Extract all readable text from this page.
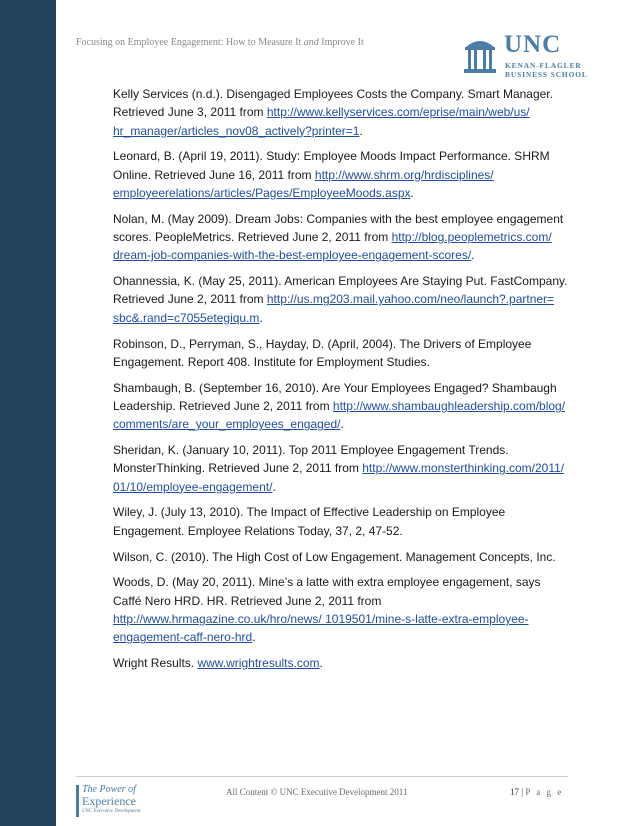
Focusing on Employee Engagement: How to Measure It and Improve It	UNC
KENAN-FLAGLER
BUSINESS SCHOOL
Kelly Services (n.d.). Disengaged Employees Costs the Company. Smart Manager. Retrieved June 3, 2011 from http://www.kellyservices.com/eprise/main/web/us/ hr_manager/articles_nov08_actively?printer=1.
Leonard, B. (April 19, 2011). Study: Employee Moods Impact Performance. SHRM Online. Retrieved June 16, 2011 from http://www.shrm.org/hrdisciplines/ employeerelations/articles/Pages/EmployeeMoods.aspx.
Nolan, M. (May 2009). Dream Jobs: Companies with the best employee engagement scores. PeopleMetrics. Retrieved June 2, 2011 from http://blog.peoplemetrics.com/ dream-job-companies-with-the-best-employee-engagement-scores/.
Ohannessia, K. (May 25, 2011). American Employees Are Staying Put. FastCompany. Retrieved June 2, 2011 from http://us.mg203.mail.yahoo.com/neo/launch?.partner= sbc&.rand=c7055etegiqu.m.
Robinson, D., Perryman, S., Hayday, D. (April, 2004). The Drivers of Employee Engagement. Report 408. Institute for Employment Studies.
Shambaugh, B. (September 16, 2010). Are Your Employees Engaged? Shambaugh Leadership. Retrieved June 2, 2011 from http://www.shambaughleadership.com/blog/ comments/are_your_employees_engaged/.
Sheridan, K. (January 10, 2011). Top 2011 Employee Engagement Trends. MonsterThinking. Retrieved June 2, 2011 from http://www.monsterthinking.com/2011/ 01/10/employee-engagement/.
Wiley, J. (July 13, 2010). The Impact of Effective Leadership on Employee Engagement. Employee Relations Today, 37, 2, 47-52.
Wilson, C. (2010). The High Cost of Low Engagement. Management Concepts, Inc.
Woods, D. (May 20, 2011). Mine’s a latte with extra employee engagement, says Caffé Nero HRD. HR. Retrieved June 2, 2011 from http://www.hrmagazine.co.uk/hro/news/ 1019501/mine-s-latte-extra-employee-engagement-caff-nero-hrd.
Wright Results. www.wrightresults.com.
The Power of
Experience
UNC Executive Development
All Content © UNC Executive Development 2011	17 | P a g e
